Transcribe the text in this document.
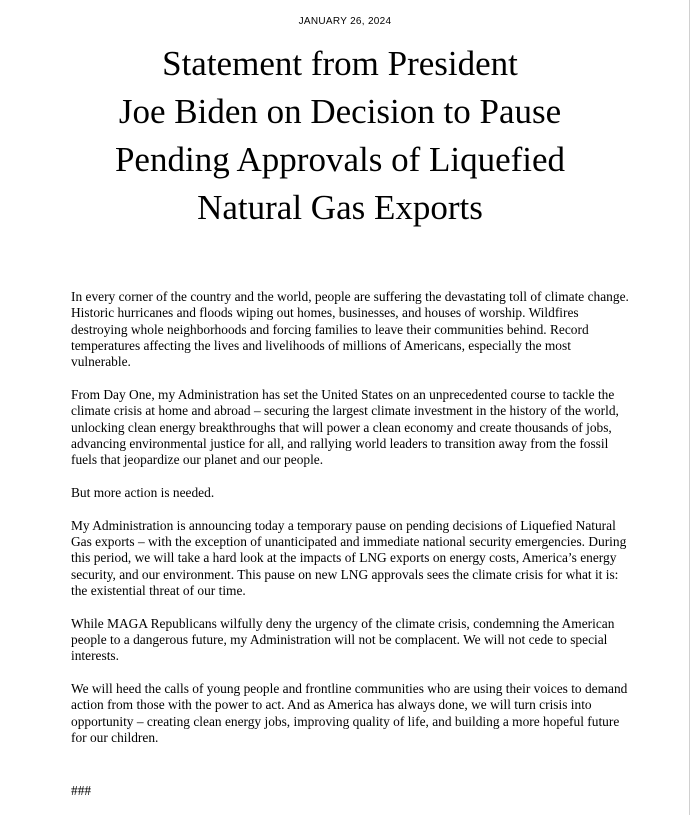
JANUARY 26, 2024
Statement from President
Joe Biden on Decision to Pause
Pending Approvals of Liquefied
Natural Gas Exports

In every corner of the country and the world, people are suffering the devastating toll of climate change. Historic hurricanes and floods wiping out homes, businesses, and houses of worship. Wildfires destroying whole neighborhoods and forcing families to leave their communities behind. Record temperatures affecting the lives and livelihoods of millions of Americans, especially the most vulnerable.

From Day One, my Administration has set the United States on an unprecedented course to tackle the climate crisis at home and abroad – securing the largest climate investment in the history of the world, unlocking clean energy breakthroughs that will power a clean economy and create thousands of jobs, advancing environmental justice for all, and rallying world leaders to transition away from the fossil fuels that jeopardize our planet and our people.

But more action is needed.

My Administration is announcing today a temporary pause on pending decisions of Liquefied Natural Gas exports – with the exception of unanticipated and immediate national security emergencies. During this period, we will take a hard look at the impacts of LNG exports on energy costs, America’s energy security, and our environment. This pause on new LNG approvals sees the climate crisis for what it is: the existential threat of our time.

While MAGA Republicans wilfully deny the urgency of the climate crisis, condemning the American people to a dangerous future, my Administration will not be complacent. We will not cede to special interests.

We will heed the calls of young people and frontline communities who are using their voices to demand action from those with the power to act. And as America has always done, we will turn crisis into opportunity – creating clean energy jobs, improving quality of life, and building a more hopeful future for our children.

###
